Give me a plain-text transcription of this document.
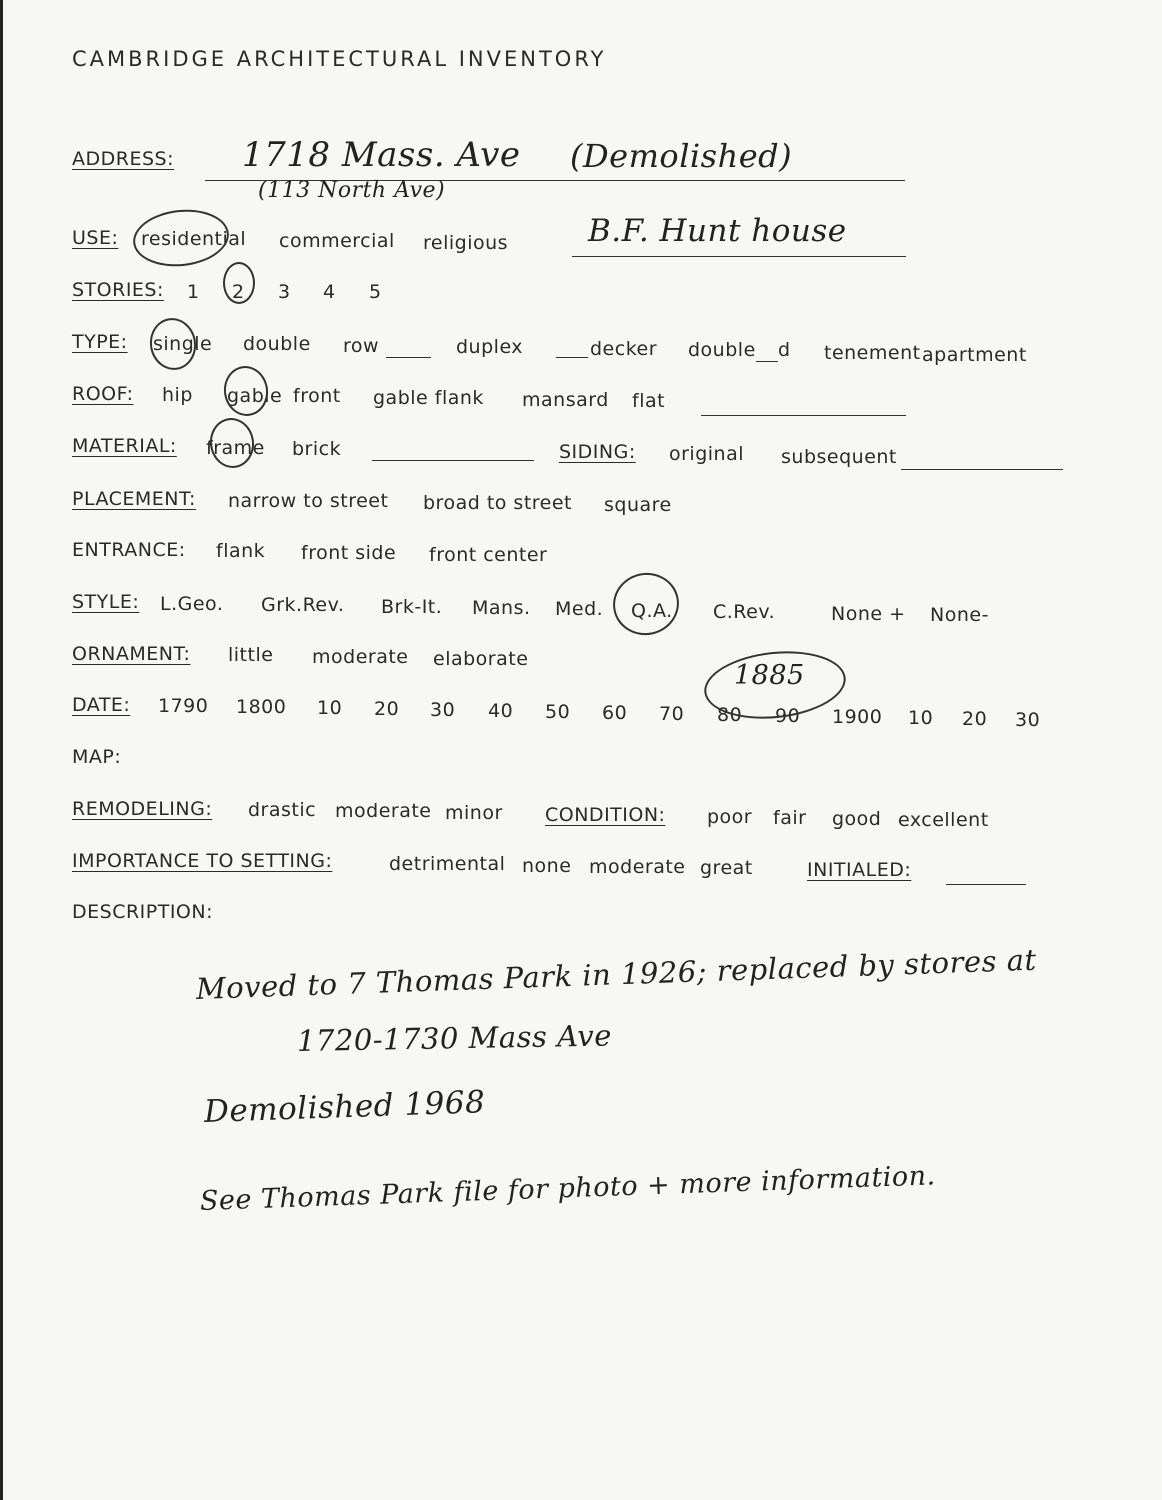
CAMBRIDGE ARCHITECTURAL INVENTORY
ADDRESS: 1718 Mass. Ave
(113 North Ave)
(Demolished)
USE: residential commercial religious	B.F. Hunt house
STORIES: 1 2 3 4 5
TYPE: single double row	duplex	decker double d tenement apartment
ROOF: hip gable front gable flank mansard flat
MATERIAL: frame brick	SIDING: original subsequent
PLACEMENT: narrow to street broad to street square
ENTRANCE: flank front side front center
STYLE: L.Geo. Grk.Rev. Brk-It. Mans. Med. Q.A. C.Rev.	None + None-
ORNAMENT: little moderate elaborate
DATE: 1790 1800 10 20 30 40 50 60 70 80 90 1900 10 20 30
1885
MAP:
REMODELING: drastic moderate minor CONDITION: poor fair good excellent
IMPORTANCE TO SETTING:	detrimental none moderate great	INITIALED:
DESCRIPTION:
Moved to 7 Thomas Park in 1926; replaced by stores at
1720-1730 Mass Ave
Demolished 1968
See Thomas Park file for photo + more information.
